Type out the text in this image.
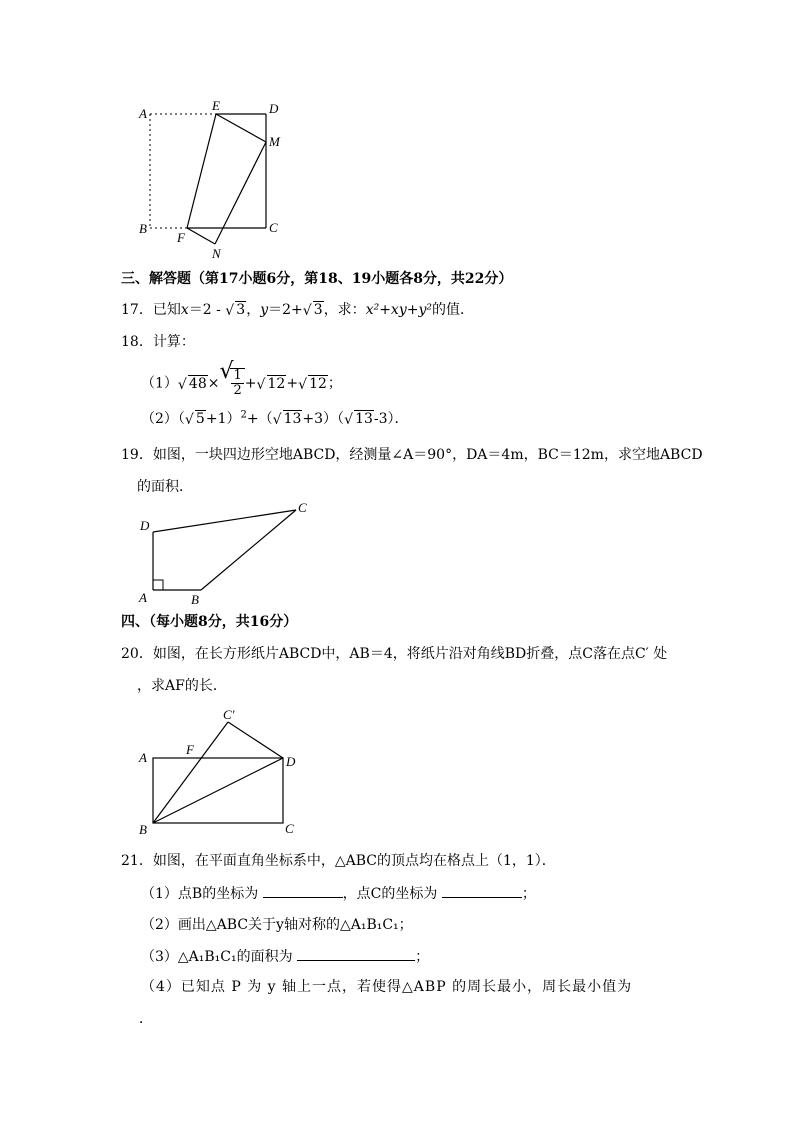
A
E	D
M
B
F
N
C
三、解答题（第17小题6分，第18、19小题各8分，共22分）
17．已知x＝2 - √ 3，y＝2+ √ 3，求：x²+xy+y²的值．
18．计算：
（1） √ 48× √
$\frac{1}{2}$ + √ 12+ √ 12；
（2）（ √ 5+1）$^2$+（ √ 13+3）（ √ 13-3）．
19．如图，一块四边形空地ABCD，经测量∠A＝90°，DA＝4m，BC＝12m，求空地ABCD
的面积．
D
C
A	B
四、（每小题8分，共16分）
20．如图，在长方形纸片ABCD中，AB＝4，将纸片沿对角线BD折叠，点C落在点C′ 处
，求AF的长．
C′
A
F
D
B	C
21．如图，在平面直角坐标系中，△ABC的顶点均在格点上（1，1）．
（1）点B的坐标为	，点C的坐标为	；
（2）画出△ABC关于y轴对称的△A₁B₁C₁；
（3）△A₁B₁C₁的面积为	；
（4）已知点 P 为 y 轴上一点，若使得△ABP 的周长最小，周长最小值为
．
